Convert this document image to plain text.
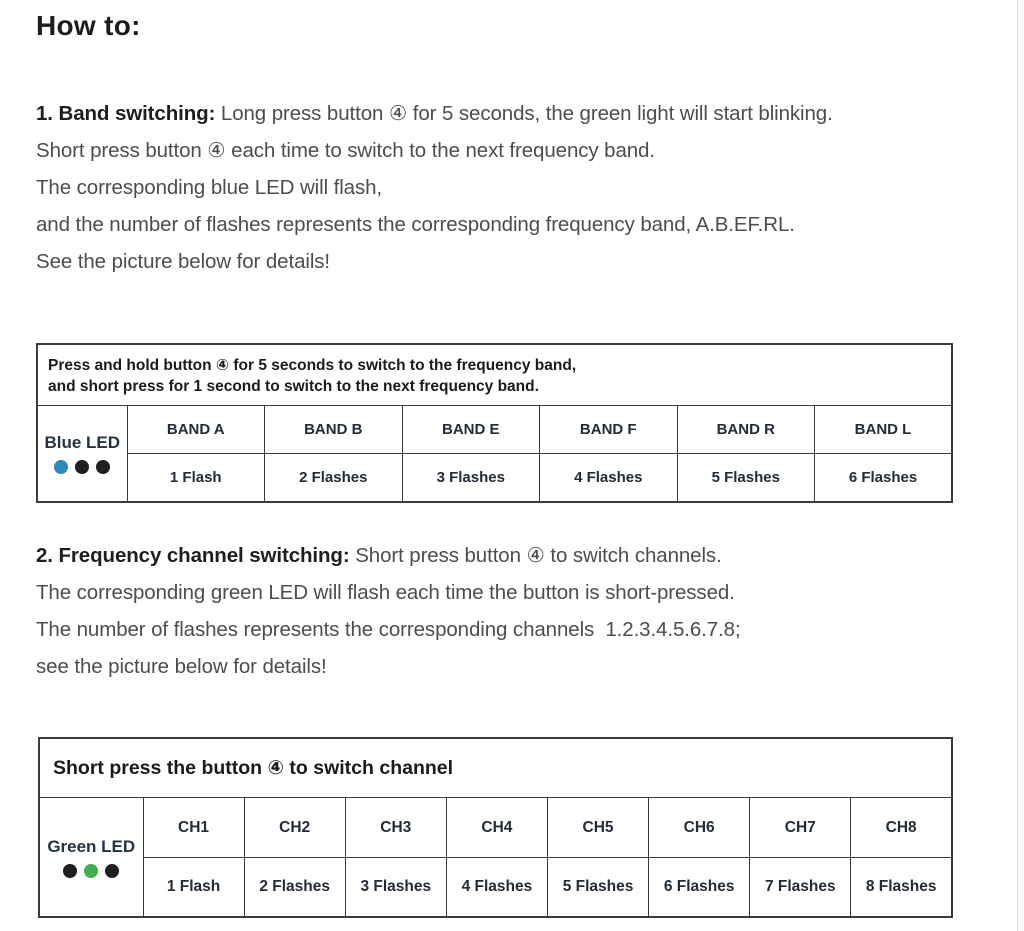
How to:
1. Band switching: Long press button ④ for 5 seconds, the green light will start blinking.
Short press button ④ each time to switch to the next frequency band.
The corresponding blue LED will flash,
and the number of flashes represents the corresponding frequency band, A.B.EF.RL.
See the picture below for details!
Press and hold button ④ for 5 seconds to switch to the frequency band,
and short press for 1 second to switch to the next frequency band.						

Blue LED	BAND A	BAND B	BAND E	BAND F	BAND R	BAND L
	1 Flash	2 Flashes	3 Flashes	4 Flashes	5 Flashes	6 Flashes
2. Frequency channel switching: Short press button ④ to switch channels.
The corresponding green LED will flash each time the button is short-pressed.
The number of flashes represents the corresponding channels  1.2.3.4.5.6.7.8;
see the picture below for details!
Short press the button ④ to switch channel								

Green LED	CH1	CH2	CH3	CH4	CH5	CH6	CH7	CH8
	1 Flash	2 Flashes	3 Flashes	4 Flashes	5 Flashes	6 Flashes	7 Flashes	8 Flashes
